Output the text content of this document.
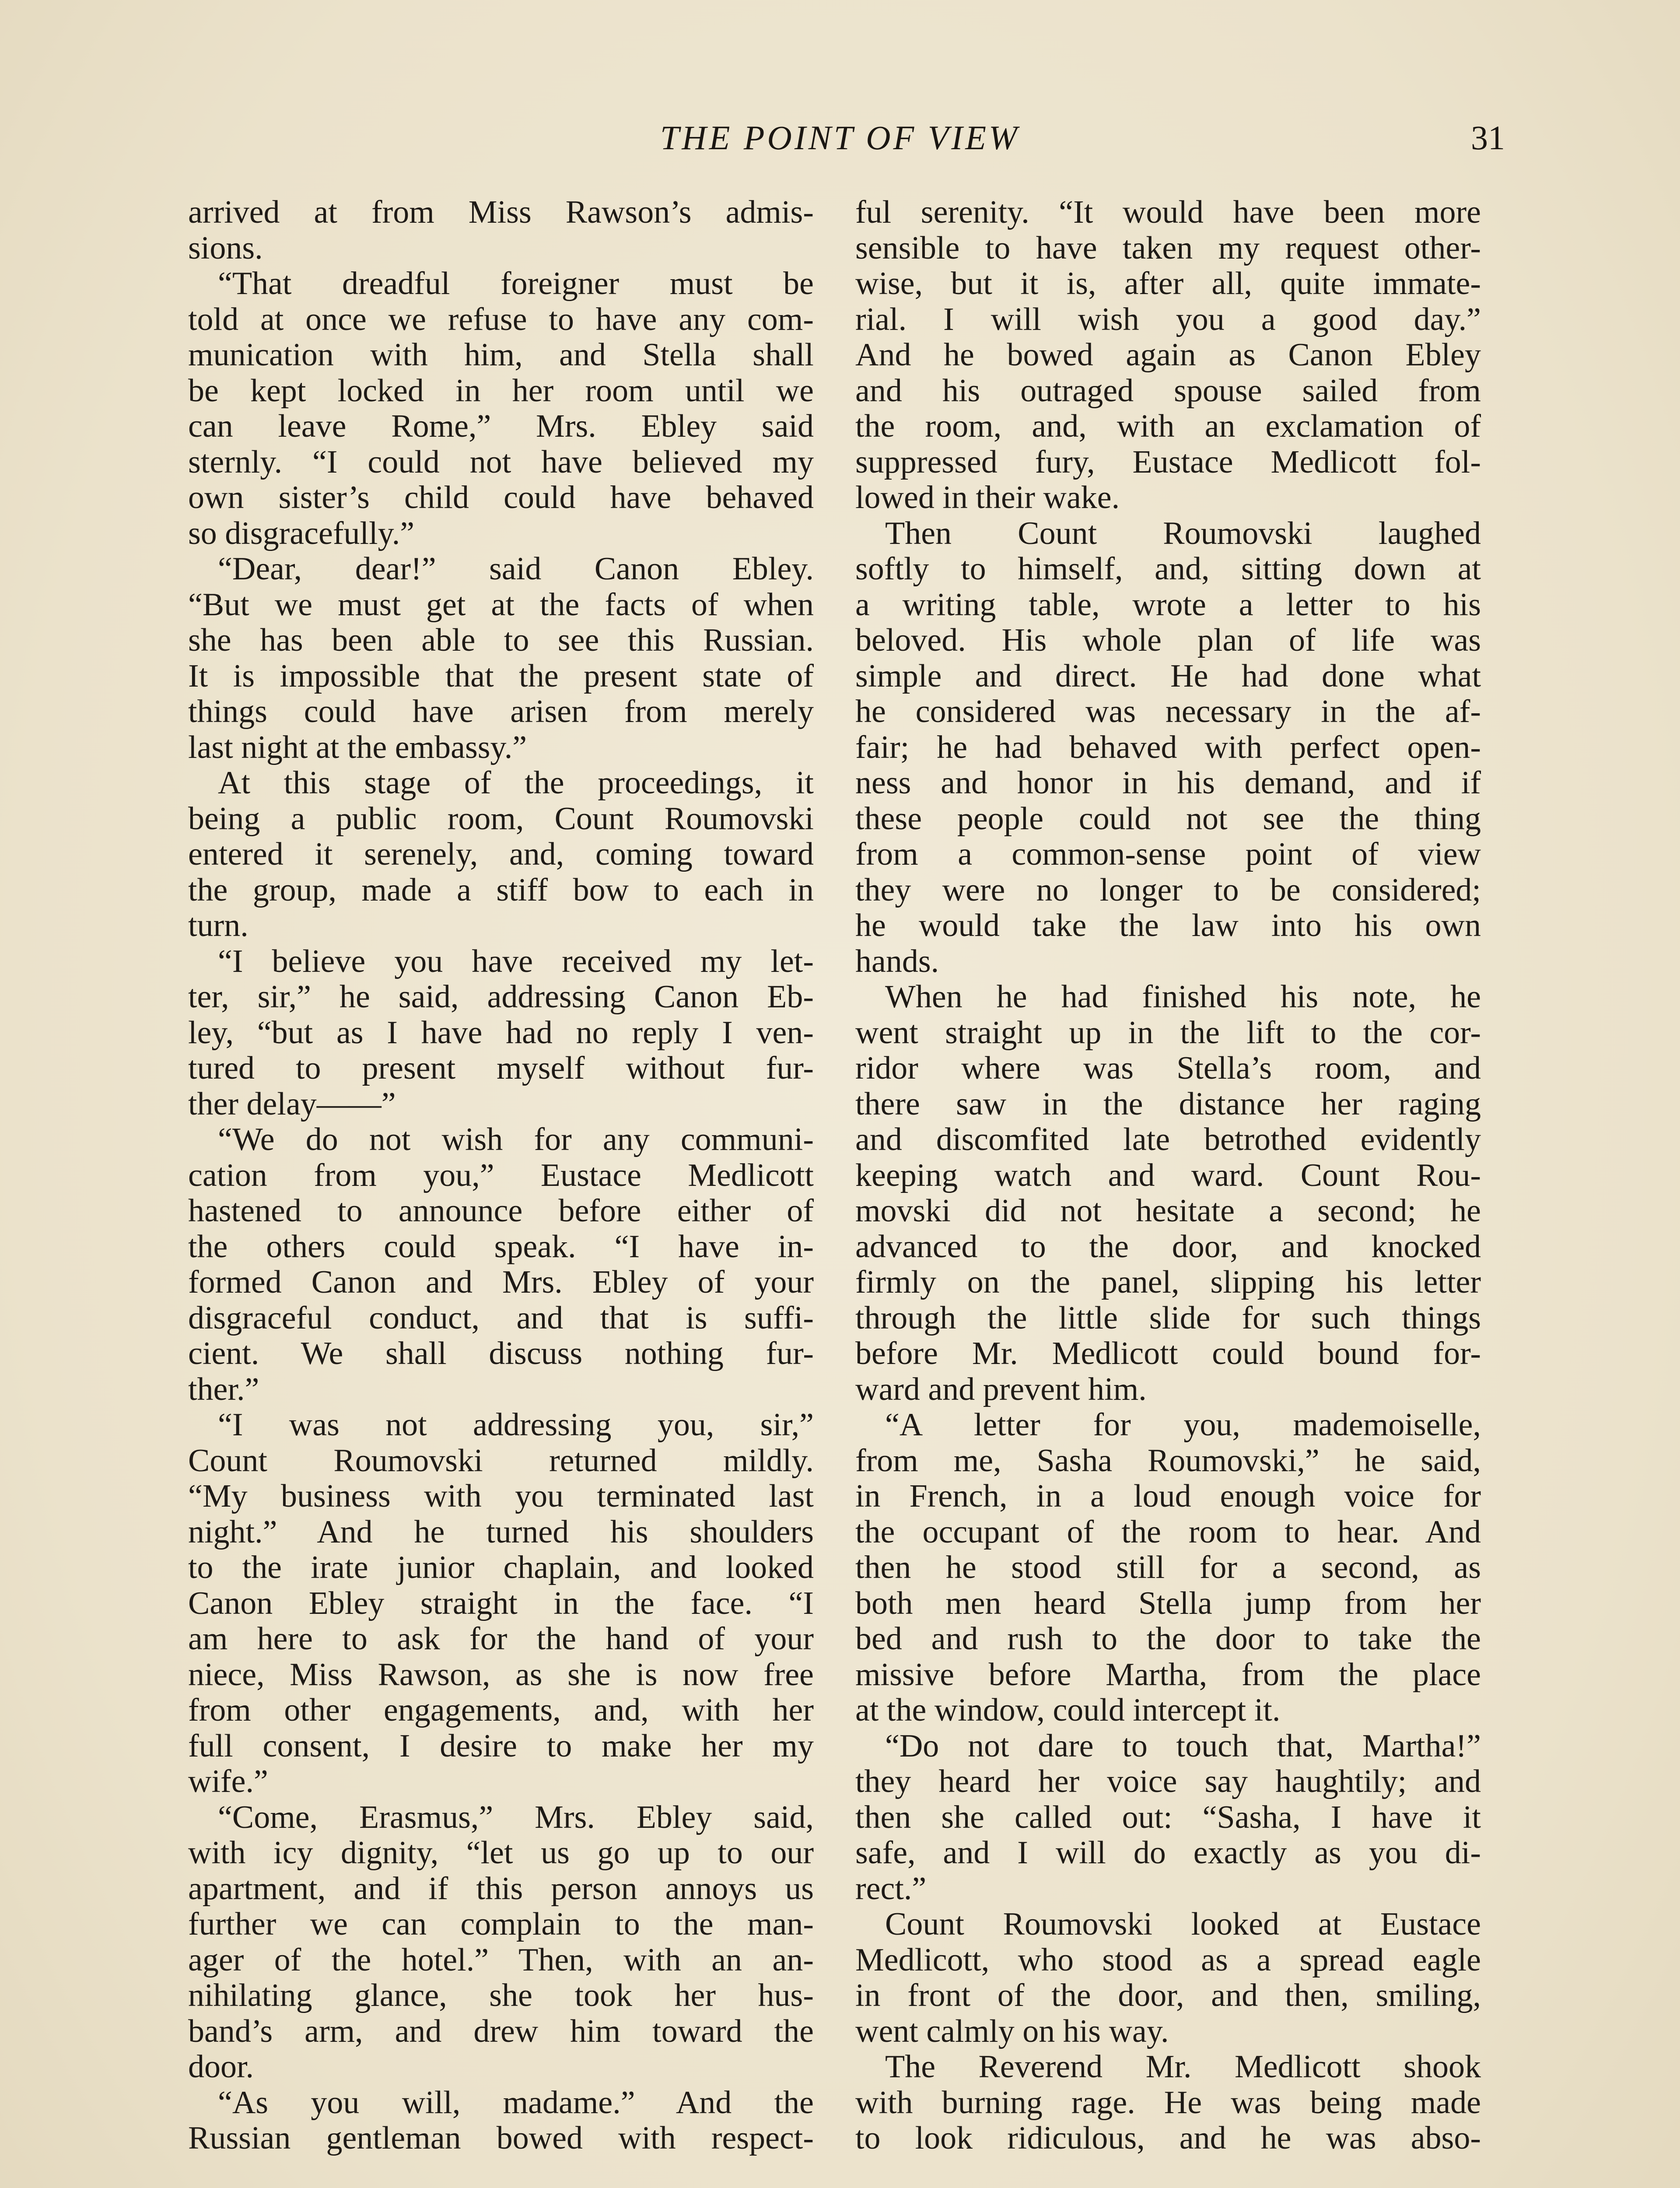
THE POINT OF VIEW	31
arrived at from Miss Rawson’s admis-
sions.
“That dreadful foreigner must be
told at once we refuse to have any com-
munication with him, and Stella shall
be kept locked in her room until we
can leave Rome,” Mrs. Ebley said
sternly. “I could not have believed my
own sister’s child could have behaved
so disgracefully.”
“Dear, dear!” said Canon Ebley.
“But we must get at the facts of when
she has been able to see this Russian.
It is impossible that the present state of
things could have arisen from merely
last night at the embassy.”
At this stage of the proceedings, it
being a public room, Count Roumovski
entered it serenely, and, coming toward
the group, made a stiff bow to each in
turn.
“I believe you have received my let-
ter, sir,” he said, addressing Canon Eb-
ley, “but as I have had no reply I ven-
tured to present myself without fur-
ther delay——”
“We do not wish for any communi-
cation from you,” Eustace Medlicott
hastened to announce before either of
the others could speak. “I have in-
formed Canon and Mrs. Ebley of your
disgraceful conduct, and that is suffi-
cient. We shall discuss nothing fur-
ther.”
“I was not addressing you, sir,”
Count Roumovski returned mildly.
“My business with you terminated last
night.” And he turned his shoulders
to the irate junior chaplain, and looked
Canon Ebley straight in the face. “I
am here to ask for the hand of your
niece, Miss Rawson, as she is now free
from other engagements, and, with her
full consent, I desire to make her my
wife.”
“Come, Erasmus,” Mrs. Ebley said,
with icy dignity, “let us go up to our
apartment, and if this person annoys us
further we can complain to the man-
ager of the hotel.” Then, with an an-
nihilating glance, she took her hus-
band’s arm, and drew him toward the
door.
“As you will, madame.” And the
Russian gentleman bowed with respect-
ful serenity. “It would have been more
sensible to have taken my request other-
wise, but it is, after all, quite immate-
rial. I will wish you a good day.”
And he bowed again as Canon Ebley
and his outraged spouse sailed from
the room, and, with an exclamation of
suppressed fury, Eustace Medlicott fol-
lowed in their wake.
Then Count Roumovski laughed
softly to himself, and, sitting down at
a writing table, wrote a letter to his
beloved. His whole plan of life was
simple and direct. He had done what
he considered was necessary in the af-
fair; he had behaved with perfect open-
ness and honor in his demand, and if
these people could not see the thing
from a common-sense point of view
they were no longer to be considered;
he would take the law into his own
hands.
When he had finished his note, he
went straight up in the lift to the cor-
ridor where was Stella’s room, and
there saw in the distance her raging
and discomfited late betrothed evidently
keeping watch and ward. Count Rou-
movski did not hesitate a second; he
advanced to the door, and knocked
firmly on the panel, slipping his letter
through the little slide for such things
before Mr. Medlicott could bound for-
ward and prevent him.
“A letter for you, mademoiselle,
from me, Sasha Roumovski,” he said,
in French, in a loud enough voice for
the occupant of the room to hear. And
then he stood still for a second, as
both men heard Stella jump from her
bed and rush to the door to take the
missive before Martha, from the place
at the window, could intercept it.
“Do not dare to touch that, Martha!”
they heard her voice say haughtily; and
then she called out: “Sasha, I have it
safe, and I will do exactly as you di-
rect.”
Count Roumovski looked at Eustace
Medlicott, who stood as a spread eagle
in front of the door, and then, smiling,
went calmly on his way.
The Reverend Mr. Medlicott shook
with burning rage. He was being made
to look ridiculous, and he was abso-
